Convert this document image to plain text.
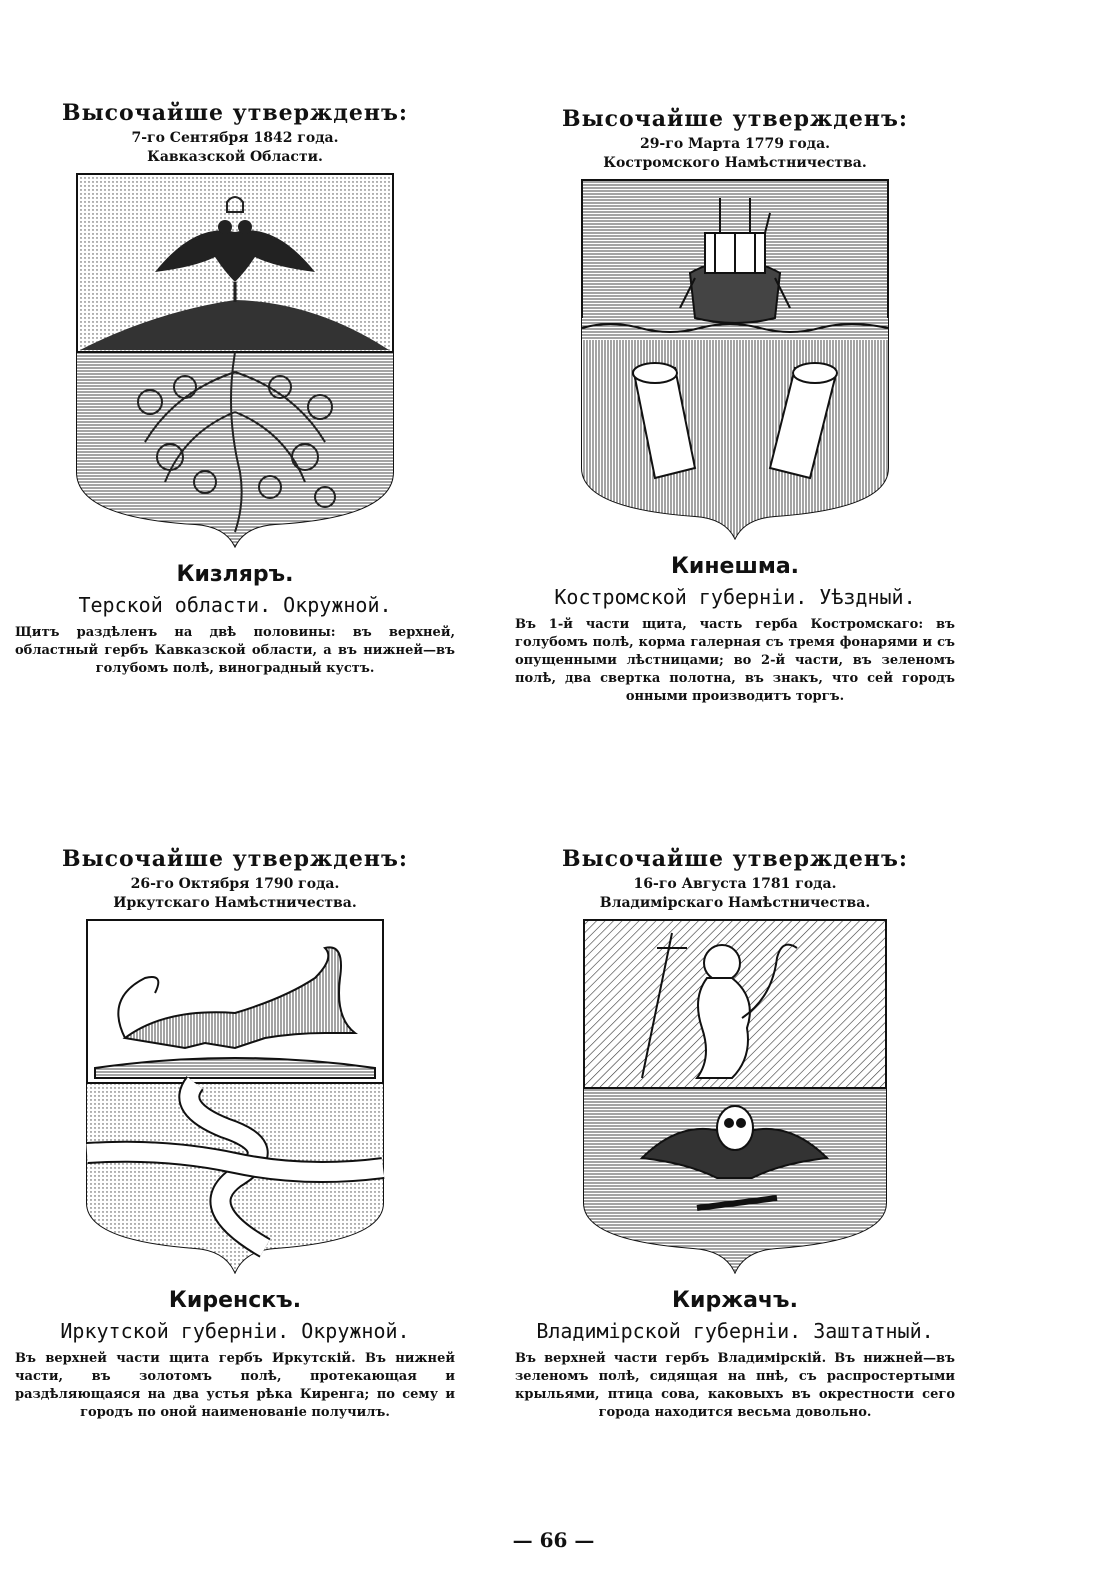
Высочайше утвержденъ:
7-го Сентября 1842 года.
Кавказской Области.
Кизляръ.
Терской области. Окружной.
Щитъ раздѣленъ на двѣ половины: въ верхней, областный гербъ Кавказской области, а въ нижней—въ голубомъ полѣ, виноградный кустъ.
Высочайше утвержденъ:
29-го Марта 1779 года.
Костромского Намѣстничества.
Кинешма.
Костромской губерніи. Уѣздный.
Въ 1-й части щита, часть герба Костромскаго: въ голубомъ полѣ, корма галерная съ тремя фонарями и съ опущенными лѣстницами; во 2-й части, въ зеленомъ полѣ, два свертка полотна, въ знакъ, что сей городъ онными производитъ торгъ.
Высочайше утвержденъ:
26-го Октября 1790 года.
Иркутскаго Намѣстничества.
Киренскъ.
Иркутской губерніи. Окружной.
Въ верхней части щита гербъ Иркутскій. Въ нижней части, въ золотомъ полѣ, протекающая и раздѣляющаяся на два устья рѣка Киренга; по сему и городъ по оной наименованіе получилъ.
Высочайше утвержденъ:
16-го Августа 1781 года.
Владимірскаго Намѣстничества.
Киржачъ.
Владимірской губерніи. Заштатный.
Въ верхней части гербъ Владимірскій. Въ нижней—въ зеленомъ полѣ, сидящая на пнѣ, съ распростертыми крыльями, птица сова, каковыхъ въ окрестности сего города находится весьма довольно.
— 66 —
